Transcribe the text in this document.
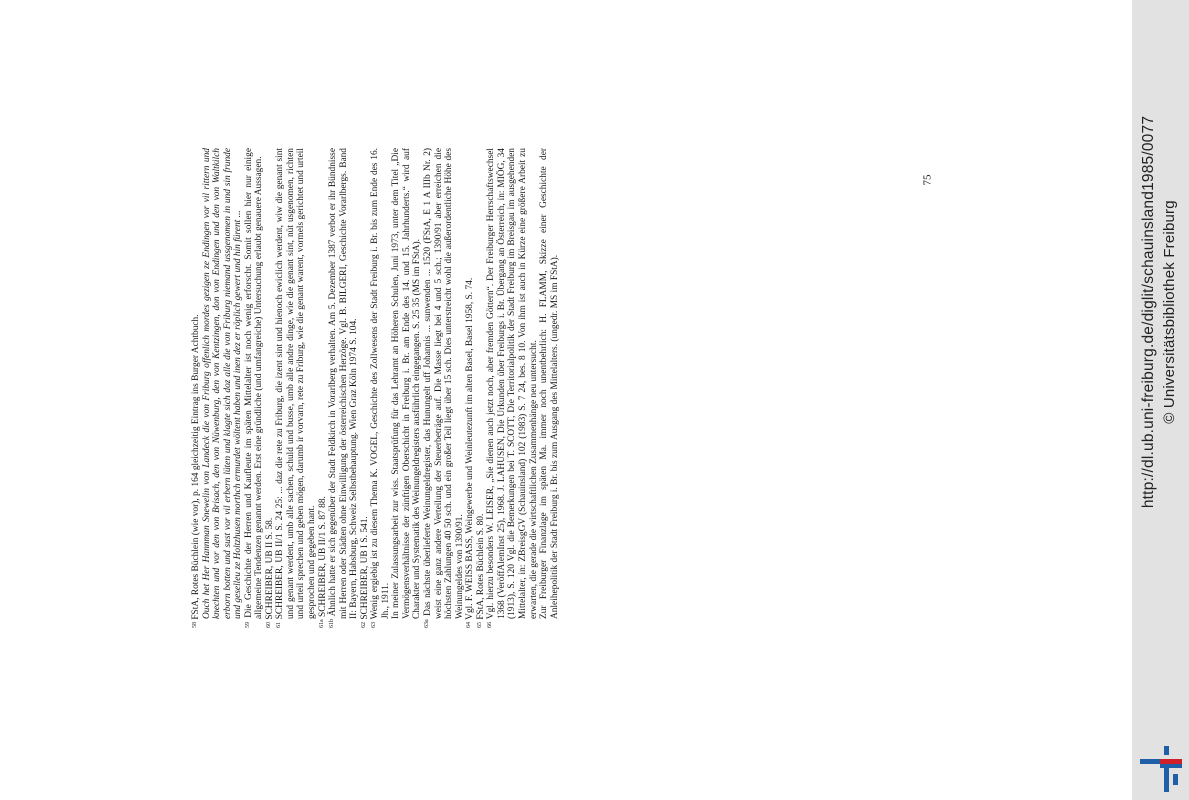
$^{58}$ FStA, Rotes Büchlein (wie vor), p. 164 gleichzeitig Eintrag ins Burger Achtbuch. Ouch het Her Hannman Snewelin von Landeck die von Friburg offenlich mordes gezigen ze Endingen vor vil rittern und knechten und vor den von Brisach, den von Nüwenburg, den von Kentzingen, don von Endingen und den von Waltkilch erborn botten und sust vor vil erbern lüten und klagte sich doz alle die von Friburg niemand ussgenomen in und sin frunde und geselleu ze Holtzhusen morthch ermurdet wöltent haben und inen dez er röplich gewert und hin fürent ...
$^{59}$ Die Geschichte der Herren und Kaufleute im späten Mittelalter ist noch wenig erforscht. Somit sollen hier nur einige allgemeine Tendenzen genannt werden. Erst eine gründliche (und umfangreiche) Untersuchung erlaubt genauere Aussagen.
$^{60}$ SCHREIBER, UB II S. 58.
$^{61}$ SCHREIBER, UB II/1 S. 24 25: ... daz die rete zu Friburg, die izent sint und hienoch ewiclich werdent, wiw die genant sint und genant werdent, umb alle sachen, schuld und busse, umb alle andre dinge, wie die genant sint, nüt usgenomen, richten und urteil sprechen und geben mögen, darumb ir vorvarn, rete zu Friburg, wie die genant warent, vormels gerichtet und urteil gesprochen und gegeben hant.
$^{61a}$ SCHREIBER, UB II/1 S. 87 88.
$^{61b}$ Ähnlich hatte er sich gegenüber der Stadt Feldkirch in Vorarlberg verhalten. Am 5. Dezember 1387 verbot er ihr Bündnisse mit Herren oder Städten ohne Einwilligung der österreichischen Herzöge. Vgl. B. BILGERI, Geschichte Vorarlbergs. Band II: Bayern, Habsburg, Schweiz Selbstbehauptung. Wien Graz Köln 1974 S. 104.
$^{62}$ SCHREIBER, UB I S. 541.
$^{63}$ Wenig ergiebig ist zu diesem Thema K. VOGEL, Geschichte des Zollwesens der Stadt Freiburg i. Br. bis zum Ende des 16. Jh., 1911. In meiner Zulassungsarbeit zur wiss. Staatsprüfung für das Lehramt an Höheren Schulen, Juni 1973, unter dem Titel „Die Vermögensverhältnisse der zünftigen Oberschicht in Freiburg i. Br. am Ende des 14. und 15. Jahrhunderts.“ wird auf Charakter und Systematik des Weinungeldregisters ausführlich eingegangen. S. 25 35 (MS im FStA).
$^{63a}$ Das nächste überlieferte Weinungeldregister, das Hunungelt uff Johannis ... sunwenden ... 1520 (FStA, E 1 A IIIb Nr. 2) weist eine ganz andere Verteilung der Steuerbeträge auf. Die Masse liegt bei 4 und 5 sch.; 1390/91 aber erreichen die höchsten Zahlungen 40 50 sch. und ein großer Teil liegt über 15 sch. Dies unterstreicht wohl die außerordentliche Höhe des Weinungeldes von 1390/91.
$^{64}$ Vgl. F. WEISS BASS, Weingewerbe und Weinleutezunft im alten Basel, Basel 1958, S. 74.
$^{65}$ FStA, Rotes Büchlein S. 80.
$^{66}$ Vgl. hierzu besonders W. LEISER, „Sie dienen auch jetzt noch, aber fremden Göttern“. Der Freiburger Herrschaftswechsel 1368 (VeröffAlemInst 25), 1968. J. LAHUSEN, Die Urkunden über Freiburgs i. Br. Übergang an Österreich, in: MIÖG, 34 (1913), S. 120 Vgl. die Bemerkungen bei T. SCOTT, Die Territorialpolitik der Stadt Freiburg im Breisgau im ausgehenden Mittelalter, in: ZBreisgGV (Schauinsland) 102 (1983) S. 7 24, bes. 8 10. Von ihm ist auch in Kürze eine größere Arbeit zu erwarten, die gerade die wirtschaftlichen Zusammenhänge neu untersucht. Zur Freiburger Finanzlage im späten Ma. immer noch unentbehrlich: H. FLAMM, Skizze einer Geschichte der Anleihepolitik der Stadt Freiburg i. Br. bis zum Ausgang des Mittelalters. (ungedr. MS im FStA).
75	http://dl.ub.uni-freiburg.de/diglit/schauinsland1985/0077 © Universitätsbibliothek Freiburg
